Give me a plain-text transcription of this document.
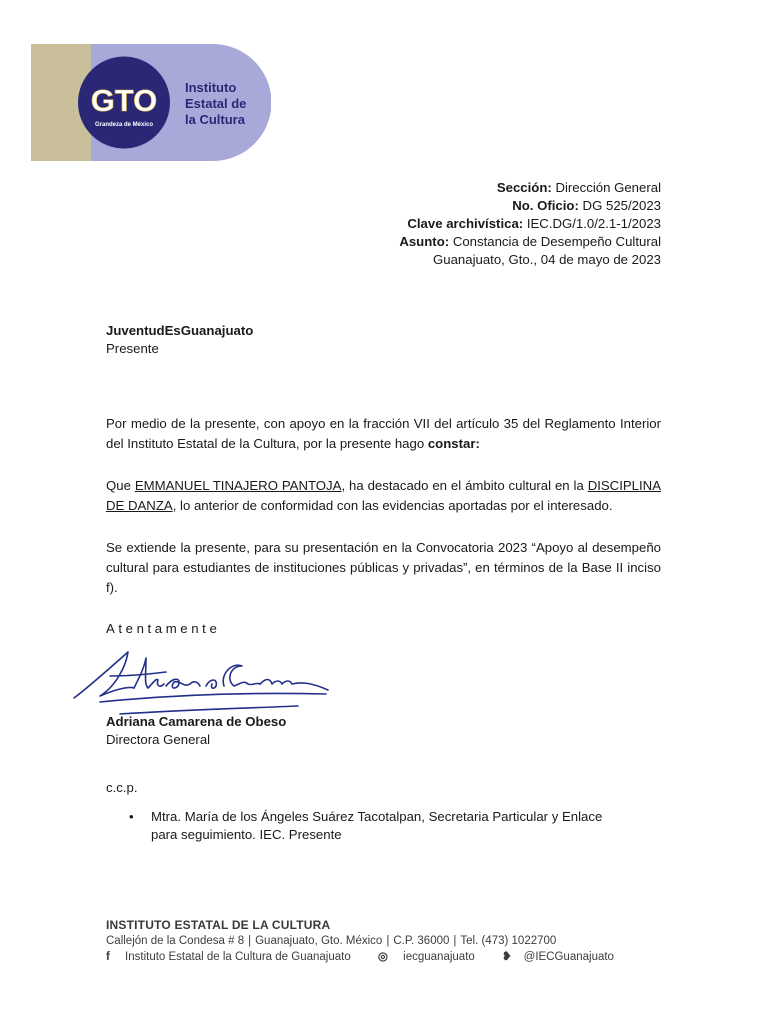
GTO
Grandeza de México
Instituto
Estatal de
la Cultura
Sección: Dirección General
No. Oficio: DG 525/2023
Clave archivística: IEC.DG/1.0/2.1-1/2023
Asunto: Constancia de Desempeño Cultural
Guanajuato, Gto., 04 de mayo de 2023
JuventudEsGuanajuato
Presente
Por medio de la presente, con apoyo en la fracción VII del artículo 35 del Reglamento Interior del Instituto Estatal de la Cultura, por la presente hago constar:
Que EMMANUEL TINAJERO PANTOJA, ha destacado en el ámbito cultural en la DISCIPLINA DE DANZA, lo anterior de conformidad con las evidencias aportadas por el interesado.
Se extiende la presente, para su presentación en la Convocatoria 2023 “Apoyo al desempeño cultural para estudiantes de instituciones públicas y privadas”, en términos de la Base II inciso f).
Atentamente
Adriana Camarena de Obeso
Directora General
c.c.p.
• Mtra. María de los Ángeles Suárez Tacotalpan, Secretaria Particular y Enlace para seguimiento. IEC. Presente
INSTITUTO ESTATAL DE LA CULTURA
Callejón de la Condesa # 8 | Guanajuato, Gto. México | C.P. 36000 | Tel. (473) 1022700
f Instituto Estatal de la Cultura de Guanajuato ◎ iecguanajuato ❥ @IECGuanajuato
